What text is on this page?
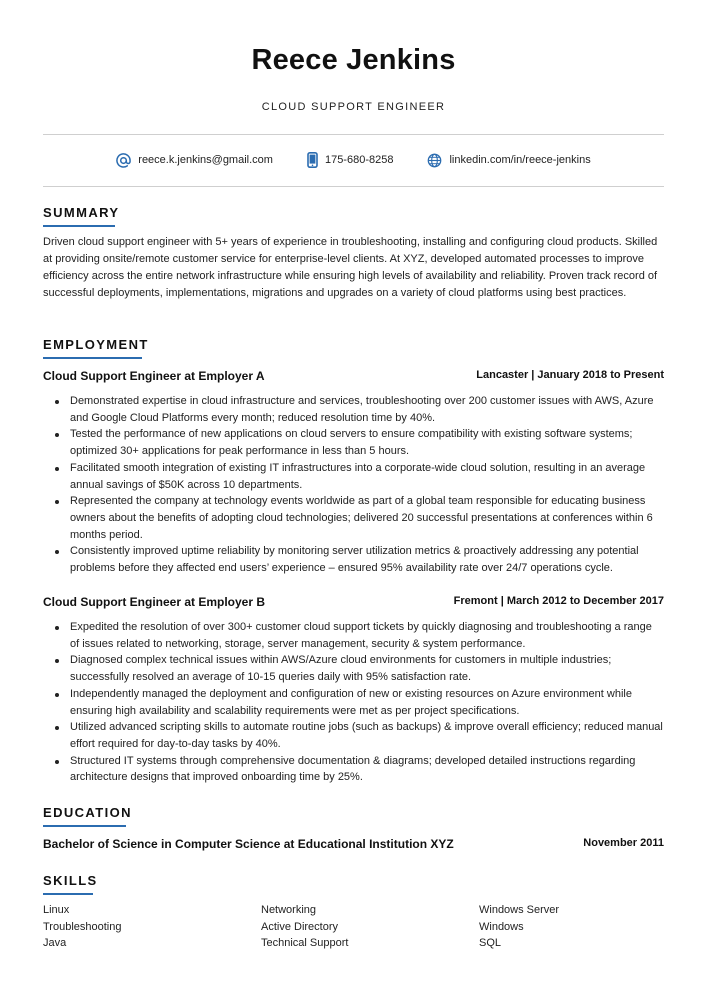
Reece Jenkins
CLOUD SUPPORT ENGINEER
reece.k.jenkins@gmail.com	175-680-8258	linkedin.com/in/reece-jenkins
SUMMARY
Driven cloud support engineer with 5+ years of experience in troubleshooting, installing and configuring cloud products. Skilled at providing onsite/remote customer service for enterprise-level clients. At XYZ, developed automated processes to improve efficiency across the entire network infrastructure while ensuring high levels of availability and reliability. Proven track record of successful deployments, implementations, migrations and upgrades on a variety of cloud platforms using best practices.
EMPLOYMENT
Cloud Support Engineer at Employer A	Lancaster | January 2018 to Present
Demonstrated expertise in cloud infrastructure and services, troubleshooting over 200 customer issues with AWS, Azure and Google Cloud Platforms every month; reduced resolution time by 40%.
Tested the performance of new applications on cloud servers to ensure compatibility with existing software systems; optimized 30+ applications for peak performance in less than 5 hours.
Facilitated smooth integration of existing IT infrastructures into a corporate-wide cloud solution, resulting in an average annual savings of $50K across 10 departments.
Represented the company at technology events worldwide as part of a global team responsible for educating business owners about the benefits of adopting cloud technologies; delivered 20 successful presentations at conferences within 6 months period.
Consistently improved uptime reliability by monitoring server utilization metrics & proactively addressing any potential problems before they affected end users’ experience – ensured 95% availability rate over 24/7 operations cycle.
Cloud Support Engineer at Employer B	Fremont | March 2012 to December 2017
Expedited the resolution of over 300+ customer cloud support tickets by quickly diagnosing and troubleshooting a range of issues related to networking, storage, server management, security & system performance.
Diagnosed complex technical issues within AWS/Azure cloud environments for customers in multiple industries; successfully resolved an average of 10-15 queries daily with 95% satisfaction rate.
Independently managed the deployment and configuration of new or existing resources on Azure environment while ensuring high availability and scalability requirements were met as per project specifications.
Utilized advanced scripting skills to automate routine jobs (such as backups) & improve overall efficiency; reduced manual effort required for day-to-day tasks by 40%.
Structured IT systems through comprehensive documentation & diagrams; developed detailed instructions regarding architecture designs that improved onboarding time by 25%.
EDUCATION
Bachelor of Science in Computer Science at Educational Institution XYZ	November 2011
SKILLS
Linux	Networking	Windows Server
Troubleshooting	Active Directory	Windows
Java	Technical Support	SQL
